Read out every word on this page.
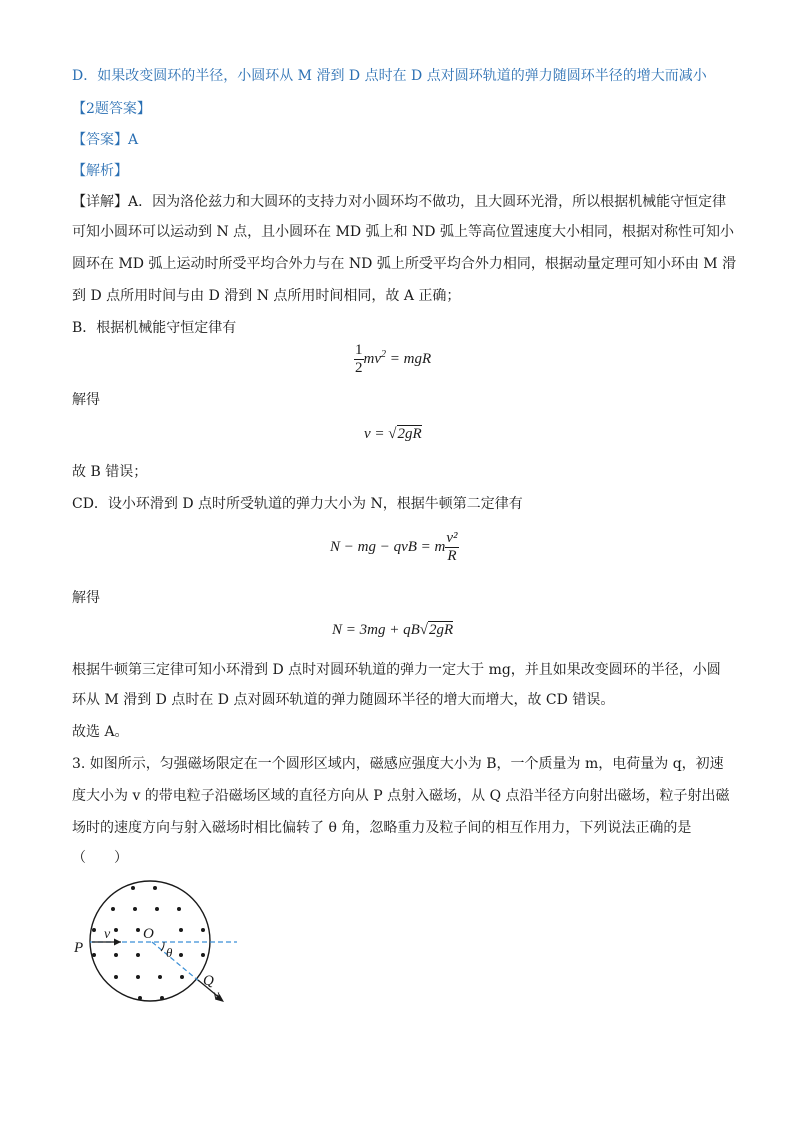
D．如果改变圆环的半径，小圆环从 M 滑到 D 点时在 D 点对圆环轨道的弹力随圆环半径的增大而减小
【2题答案】
【答案】A
【解析】
【详解】A．因为洛伦兹力和大圆环的支持力对小圆环均不做功，且大圆环光滑，所以根据机械能守恒定律
可知小圆环可以运动到 N 点，且小圆环在 MD 弧上和 ND 弧上等高位置速度大小相同，根据对称性可知小
圆环在 MD 弧上运动时所受平均合外力与在 ND 弧上所受平均合外力相同，根据动量定理可知小环由 M 滑
到 D 点所用时间与由 D 滑到 N 点所用时间相同，故 A 正确；
B．根据机械能守恒定律有
$\frac{1}{2} mv^2$ = mgR
解得
v = √2gR
故 B 错误；
CD．设小环滑到 D 点时所受轨道的弹力大小为 N，根据牛顿第二定律有
N − mg − qvB = m $\frac{\text{v²}}{R}$
解得
N = 3mg + qB√2gR
根据牛顿第三定律可知小环滑到 D 点时对圆环轨道的弹力一定大于 mg，并且如果改变圆环的半径，小圆
环从 M 滑到 D 点时在 D 点对圆环轨道的弹力随圆环半径的增大而增大，故 CD 错误。
故选 A。
3. 如图所示，匀强磁场限定在一个圆形区域内，磁感应强度大小为 B，一个质量为 m，电荷量为 q，初速
度大小为 v 的带电粒子沿磁场区域的直径方向从 P 点射入磁场，从 Q 点沿半径方向射出磁场，粒子射出磁
场时的速度方向与射入磁场时相比偏转了 θ 角，忽略重力及粒子间的相互作用力，下列说法正确的是
（　　）
P
v O
θ
Q
v
